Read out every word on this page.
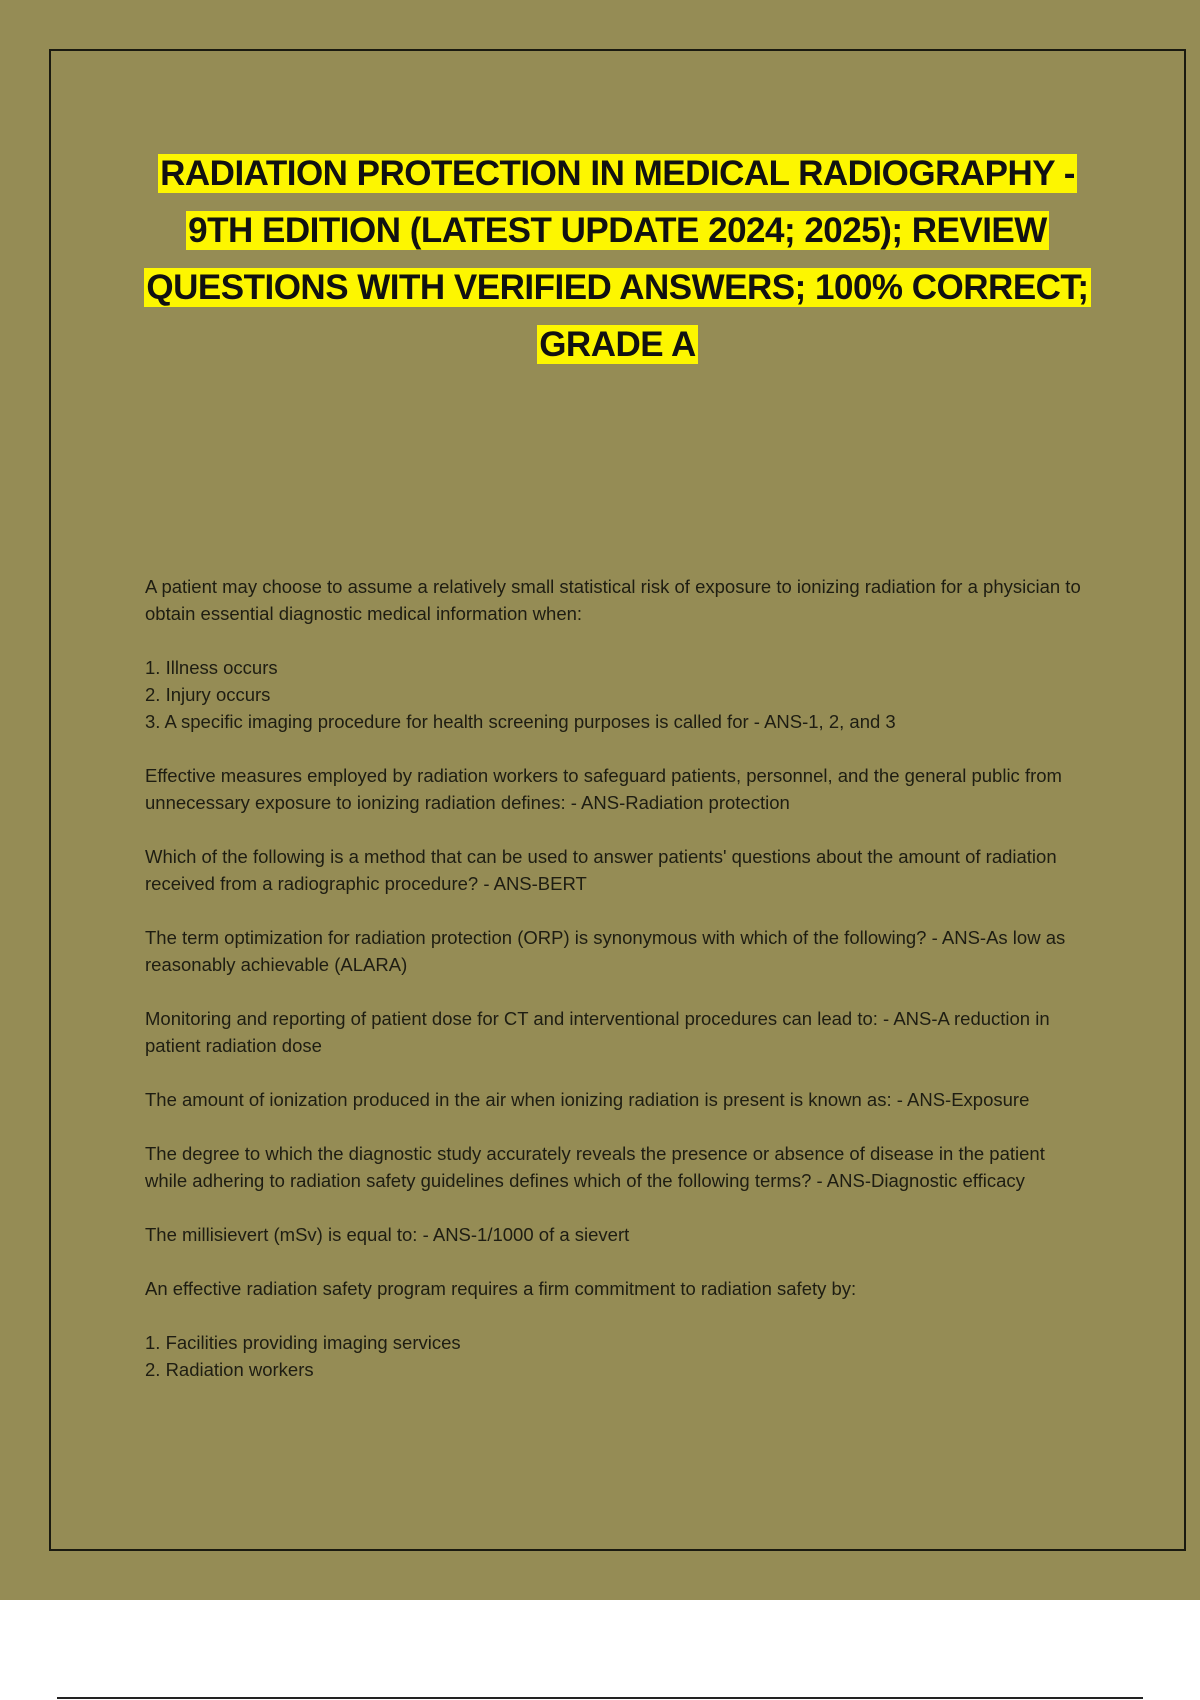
RADIATION PROTECTION IN MEDICAL RADIOGRAPHY -
9TH EDITION (LATEST UPDATE 2024; 2025); REVIEW
QUESTIONS WITH VERIFIED ANSWERS; 100% CORRECT;
GRADE A

A patient may choose to assume a relatively small statistical risk of exposure to ionizing radiation for a physician to obtain essential diagnostic medical information when:

1. Illness occurs

2. Injury occurs

3. A specific imaging procedure for health screening purposes is called for - ANS-1, 2, and 3

Effective measures employed by radiation workers to safeguard patients, personnel, and the general public from unnecessary exposure to ionizing radiation defines: - ANS-Radiation protection

Which of the following is a method that can be used to answer patients' questions about the amount of radiation received from a radiographic procedure? - ANS-BERT

The term optimization for radiation protection (ORP) is synonymous with which of the following? - ANS-As low as reasonably achievable (ALARA)

Monitoring and reporting of patient dose for CT and interventional procedures can lead to: - ANS-A reduction in patient radiation dose

The amount of ionization produced in the air when ionizing radiation is present is known as: - ANS-Exposure

The degree to which the diagnostic study accurately reveals the presence or absence of disease in the patient while adhering to radiation safety guidelines defines which of the following terms? - ANS-Diagnostic efficacy

The millisievert (mSv) is equal to: - ANS-1/1000 of a sievert

An effective radiation safety program requires a firm commitment to radiation safety by:

1. Facilities providing imaging services

2. Radiation workers
